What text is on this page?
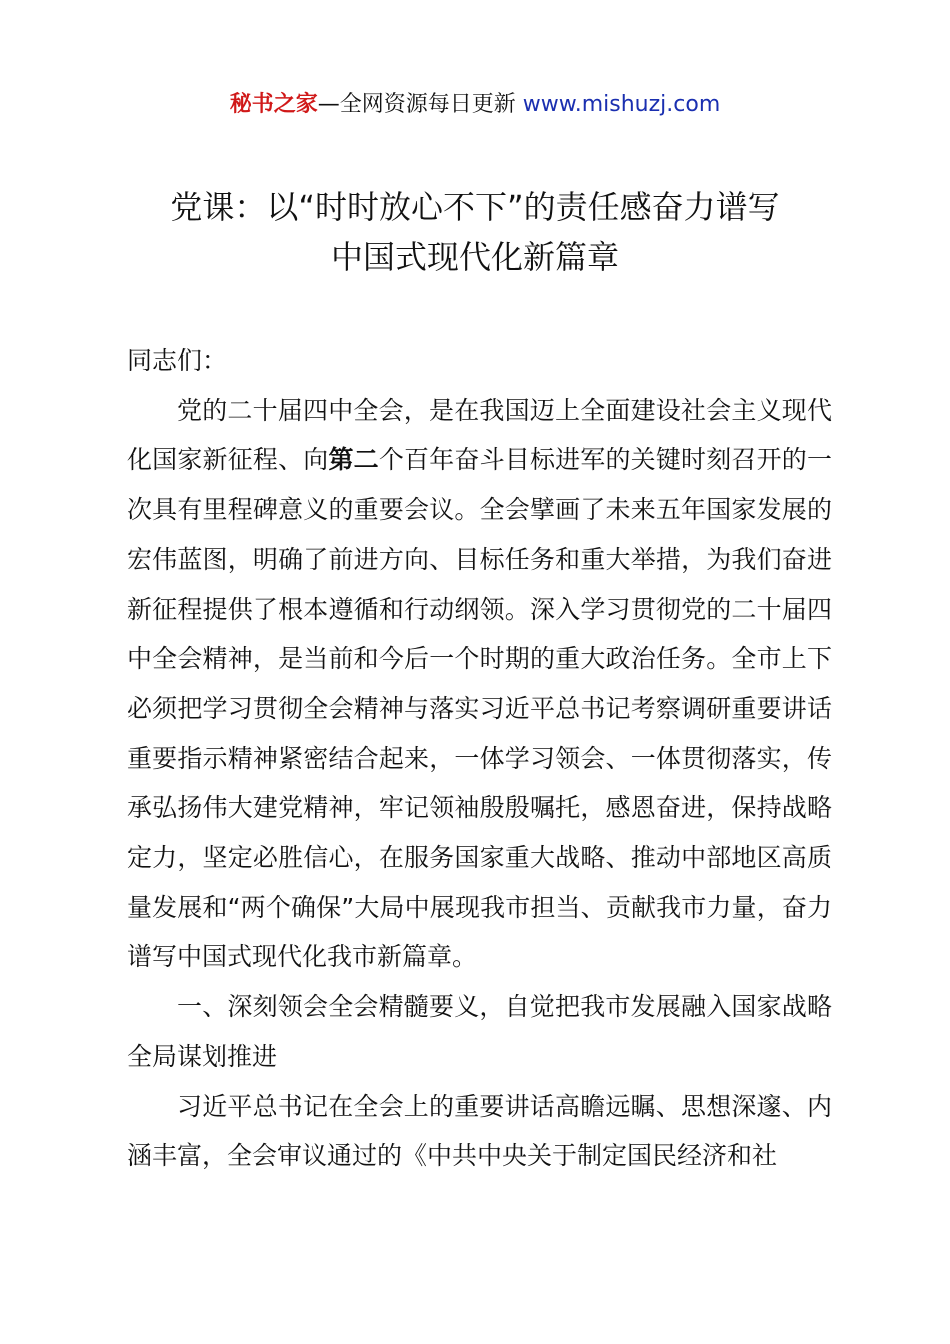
秘书之家—全网资源每日更新 www.mishuzj.com
党课：以“时时放心不下”的责任感奋力谱写
中国式现代化新篇章

同志们：

党的二十届四中全会，是在我国迈上全面建设社会主义现代化国家新征程、向第二个百年奋斗目标进军的关键时刻召开的一次具有里程碑意义的重要会议。全会擘画了未来五年国家发展的宏伟蓝图，明确了前进方向、目标任务和重大举措，为我们奋进新征程提供了根本遵循和行动纲领。深入学习贯彻党的二十届四中全会精神，是当前和今后一个时期的重大政治任务。全市上下必须把学习贯彻全会精神与落实习近平总书记考察调研重要讲话重要指示精神紧密结合起来，一体学习领会、一体贯彻落实，传承弘扬伟大建党精神，牢记领袖殷殷嘱托，感恩奋进，保持战略定力，坚定必胜信心，在服务国家重大战略、推动中部地区高质量发展和“两个确保”大局中展现我市担当、贡献我市力量，奋力谱写中国式现代化我市新篇章。

一、深刻领会全会精髓要义，自觉把我市发展融入国家战略全局谋划推进

习近平总书记在全会上的重要讲话高瞻远瞩、思想深邃、内涵丰富，全会审议通过的《中共中央关于制定国民经济和社
